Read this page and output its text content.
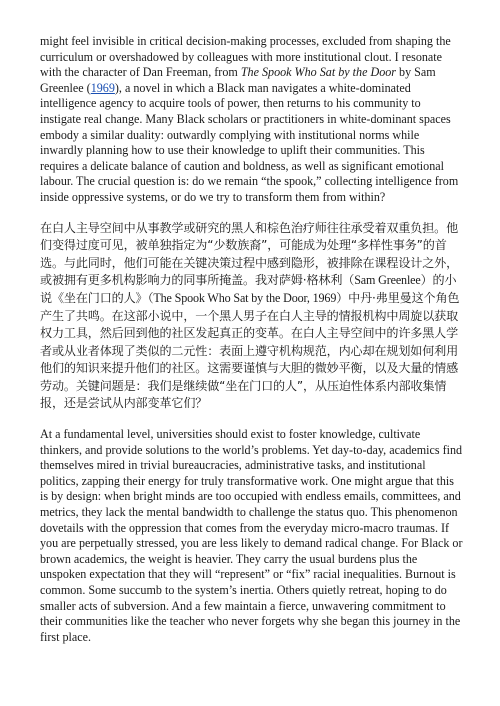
might feel invisible in critical decision-making processes, excluded from shaping the curriculum or overshadowed by colleagues with more institutional clout. I resonate with the character of Dan Freeman, from The Spook Who Sat by the Door by Sam Greenlee (1969), a novel in which a Black man navigates a white-dominated intelligence agency to acquire tools of power, then returns to his community to instigate real change. Many Black scholars or practitioners in white-dominant spaces embody a similar duality: outwardly complying with institutional norms while inwardly planning how to use their knowledge to uplift their communities. This requires a delicate balance of caution and boldness, as well as significant emotional labour. The crucial question is: do we remain “the spook,” collecting intelligence from inside oppressive systems, or do we try to transform them from within?

在白人主导空间中从事教学或研究的黑人和棕色治疗师往往承受着双重负担。他们变得过度可见，被单独指定为“少数族裔”，可能成为处理“多样性事务”的首选。与此同时，他们可能在关键决策过程中感到隐形，被排除在课程设计之外，或被拥有更多机构影响力的同事所掩盖。我对萨姆·格林利（Sam Greenlee）的小说《坐在门口的人》（The Spook Who Sat by the Door, 1969）中丹·弗里曼这个角色产生了共鸣。在这部小说中，一个黑人男子在白人主导的情报机构中周旋以获取权力工具，然后回到他的社区发起真正的变革。在白人主导空间中的许多黑人学者或从业者体现了类似的二元性：表面上遵守机构规范，内心却在规划如何利用他们的知识来提升他们的社区。这需要谨慎与大胆的微妙平衡，以及大量的情感劳动。关键问题是：我们是继续做“坐在门口的人”，从压迫性体系内部收集情报，还是尝试从内部变革它们？

At a fundamental level, universities should exist to foster knowledge, cultivate thinkers, and provide solutions to the world’s problems. Yet day-to-day, academics find themselves mired in trivial bureaucracies, administrative tasks, and institutional politics, zapping their energy for truly transformative work. One might argue that this is by design: when bright minds are too occupied with endless emails, committees, and metrics, they lack the mental bandwidth to challenge the status quo. This phenomenon dovetails with the oppression that comes from the everyday micro-macro traumas. If you are perpetually stressed, you are less likely to demand radical change. For Black or brown academics, the weight is heavier. They carry the usual burdens plus the unspoken expectation that they will “represent” or “fix” racial inequalities. Burnout is common. Some succumb to the system’s inertia. Others quietly retreat, hoping to do smaller acts of subversion. And a few maintain a fierce, unwavering commitment to their communities like the teacher who never forgets why she began this journey in the first place.
